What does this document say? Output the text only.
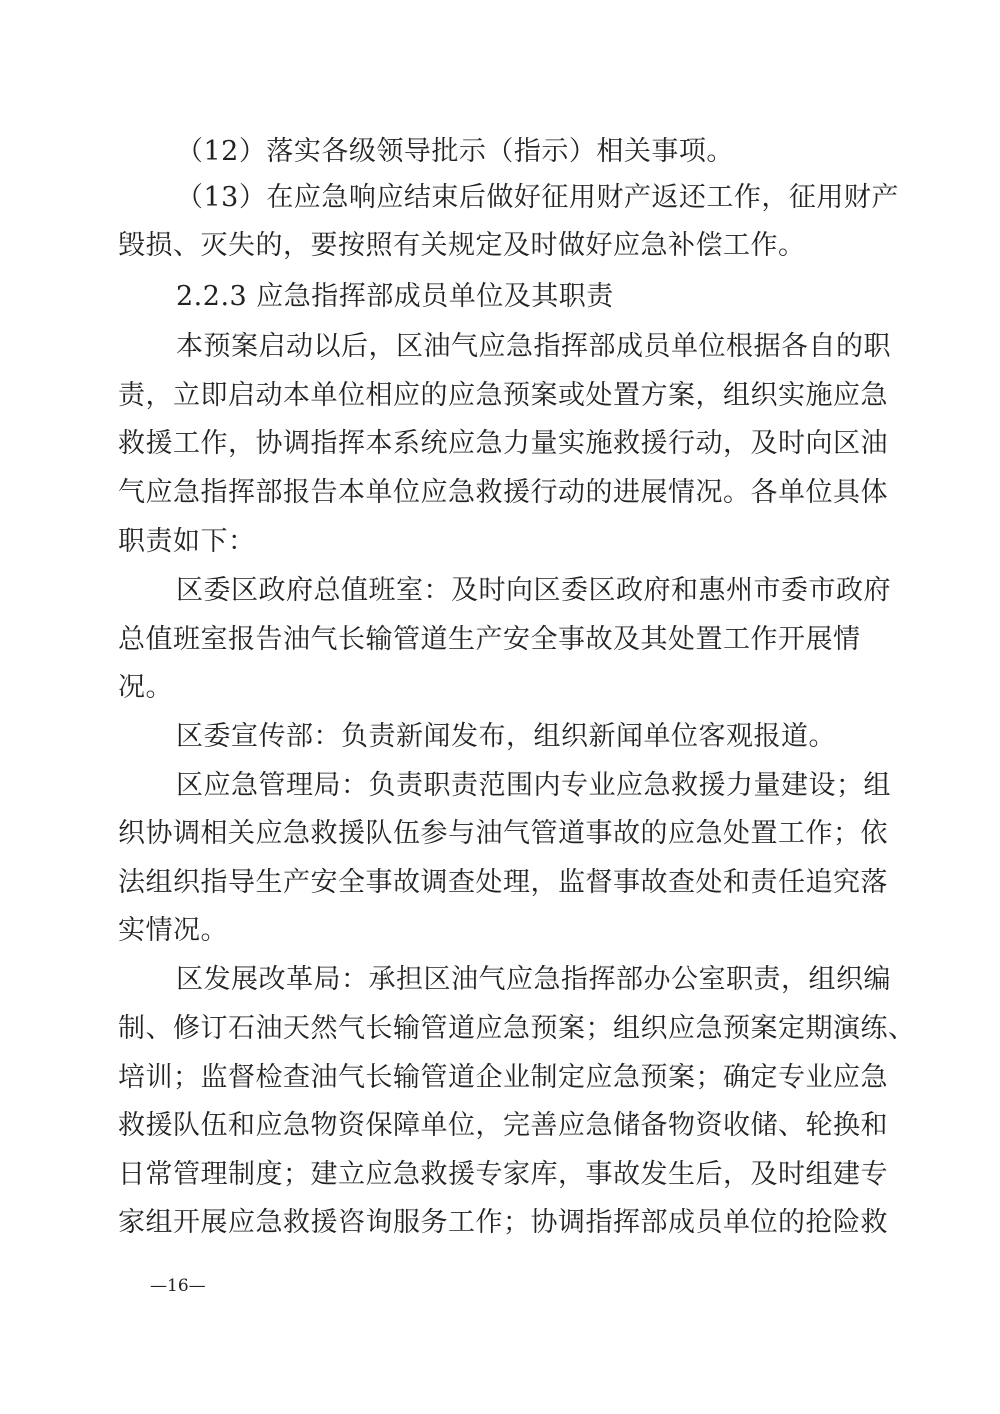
（12）落实各级领导批示（指示）相关事项。
（13）在应急响应结束后做好征用财产返还工作，征用财产
毁损、灭失的，要按照有关规定及时做好应急补偿工作。
2.2.3 应急指挥部成员单位及其职责
本预案启动以后，区油气应急指挥部成员单位根据各自的职
责，立即启动本单位相应的应急预案或处置方案，组织实施应急
救援工作，协调指挥本系统应急力量实施救援行动，及时向区油
气应急指挥部报告本单位应急救援行动的进展情况。各单位具体
职责如下：
区委区政府总值班室：及时向区委区政府和惠州市委市政府
总值班室报告油气长输管道生产安全事故及其处置工作开展情
况。
区委宣传部：负责新闻发布，组织新闻单位客观报道。
区应急管理局：负责职责范围内专业应急救援力量建设；组
织协调相关应急救援队伍参与油气管道事故的应急处置工作；依
法组织指导生产安全事故调查处理，监督事故查处和责任追究落
实情况。
区发展改革局：承担区油气应急指挥部办公室职责，组织编
制、修订石油天然气长输管道应急预案；组织应急预案定期演练、
培训；监督检查油气长输管道企业制定应急预案；确定专业应急
救援队伍和应急物资保障单位，完善应急储备物资收储、轮换和
日常管理制度；建立应急救援专家库，事故发生后，及时组建专
家组开展应急救援咨询服务工作；协调指挥部成员单位的抢险救
—16—
